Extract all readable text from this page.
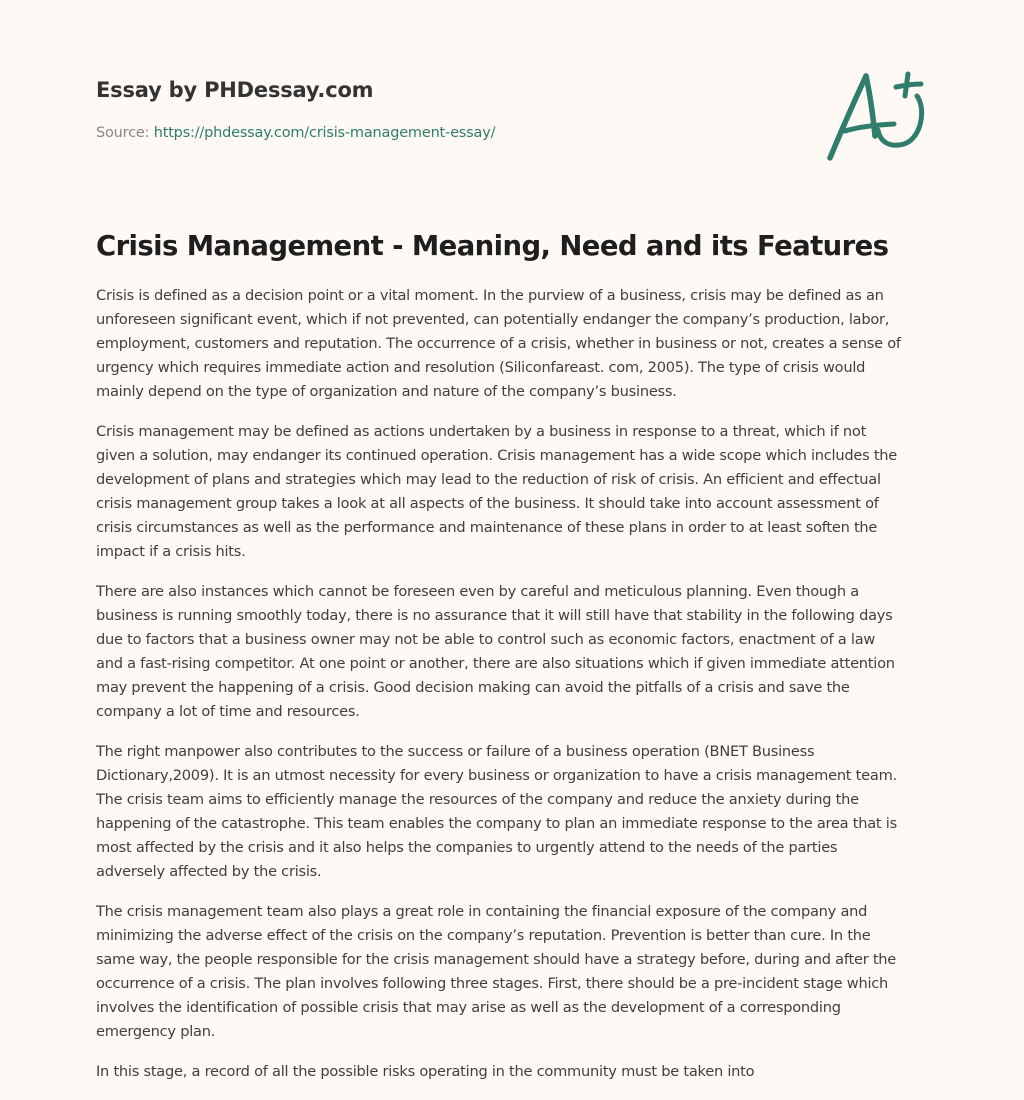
Essay by PHDessay.com
Source: https://phdessay.com/crisis-management-essay/
Crisis Management - Meaning, Need and its Features

Crisis is defined as a decision point or a vital moment. In the purview of a business, crisis may be defined as an
unforeseen significant event, which if not prevented, can potentially endanger the company’s production, labor,
employment, customers and reputation. The occurrence of a crisis, whether in business or not, creates a sense of
urgency which requires immediate action and resolution (Siliconfareast. com, 2005). The type of crisis would
mainly depend on the type of organization and nature of the company’s business.

Crisis management may be defined as actions undertaken by a business in response to a threat, which if not
given a solution, may endanger its continued operation. Crisis management has a wide scope which includes the
development of plans and strategies which may lead to the reduction of risk of crisis. An efficient and effectual
crisis management group takes a look at all aspects of the business. It should take into account assessment of
crisis circumstances as well as the performance and maintenance of these plans in order to at least soften the
impact if a crisis hits.

There are also instances which cannot be foreseen even by careful and meticulous planning. Even though a
business is running smoothly today, there is no assurance that it will still have that stability in the following days
due to factors that a business owner may not be able to control such as economic factors, enactment of a law
and a fast-rising competitor. At one point or another, there are also situations which if given immediate attention
may prevent the happening of a crisis. Good decision making can avoid the pitfalls of a crisis and save the
company a lot of time and resources.

The right manpower also contributes to the success or failure of a business operation (BNET Business
Dictionary,2009). It is an utmost necessity for every business or organization to have a crisis management team.
The crisis team aims to efficiently manage the resources of the company and reduce the anxiety during the
happening of the catastrophe. This team enables the company to plan an immediate response to the area that is
most affected by the crisis and it also helps the companies to urgently attend to the needs of the parties
adversely affected by the crisis.

The crisis management team also plays a great role in containing the financial exposure of the company and
minimizing the adverse effect of the crisis on the company’s reputation. Prevention is better than cure. In the
same way, the people responsible for the crisis management should have a strategy before, during and after the
occurrence of a crisis. The plan involves following three stages. First, there should be a pre-incident stage which
involves the identification of possible crisis that may arise as well as the development of a corresponding
emergency plan.

In this stage, a record of all the possible risks operating in the community must be taken into
